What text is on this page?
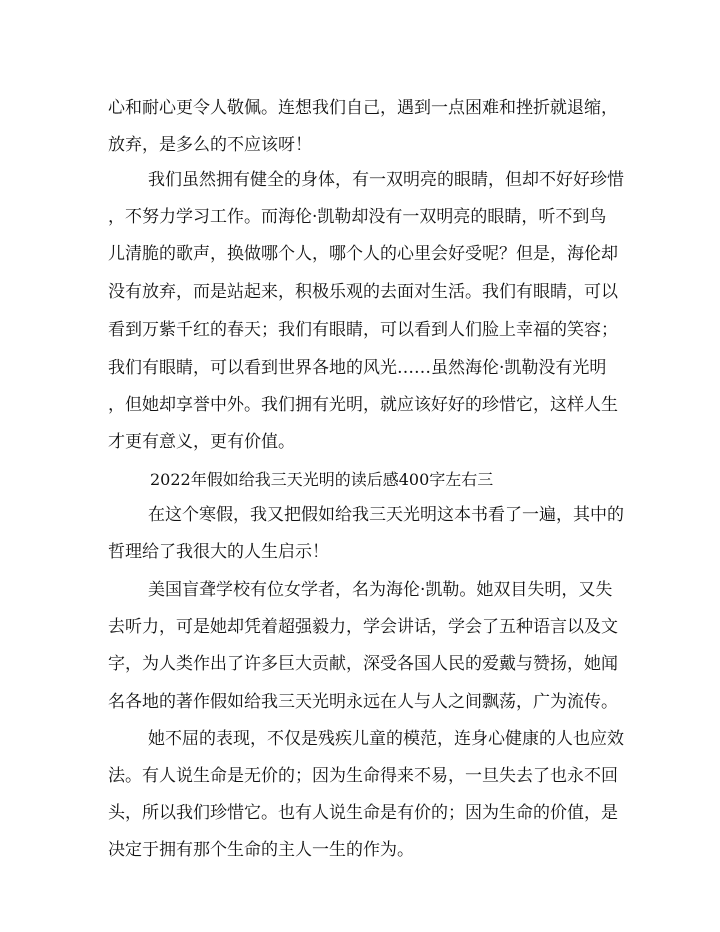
心和耐心更令人敬佩。连想我们自己，遇到一点困难和挫折就退缩，
放弃，是多么的不应该呀！
我们虽然拥有健全的身体，有一双明亮的眼睛，但却不好好珍惜
，不努力学习工作。而海伦·凯勒却没有一双明亮的眼睛，听不到鸟
儿清脆的歌声，换做哪个人，哪个人的心里会好受呢？但是，海伦却
没有放弃，而是站起来，积极乐观的去面对生活。我们有眼睛，可以
看到万紫千红的春天；我们有眼睛，可以看到人们脸上幸福的笑容；
我们有眼睛，可以看到世界各地的风光……虽然海伦·凯勒没有光明
，但她却享誉中外。我们拥有光明，就应该好好的珍惜它，这样人生
才更有意义，更有价值。
2022年假如给我三天光明的读后感400字左右三
在这个寒假，我又把假如给我三天光明这本书看了一遍，其中的
哲理给了我很大的人生启示！
美国盲聋学校有位女学者，名为海伦·凯勒。她双目失明，又失
去听力，可是她却凭着超强毅力，学会讲话，学会了五种语言以及文
字，为人类作出了许多巨大贡献，深受各国人民的爱戴与赞扬，她闻
名各地的著作假如给我三天光明永远在人与人之间飘荡，广为流传。
她不屈的表现，不仅是残疾儿童的模范，连身心健康的人也应效
法。有人说生命是无价的；因为生命得来不易，一旦失去了也永不回
头，所以我们珍惜它。也有人说生命是有价的；因为生命的价值，是
决定于拥有那个生命的主人一生的作为。
